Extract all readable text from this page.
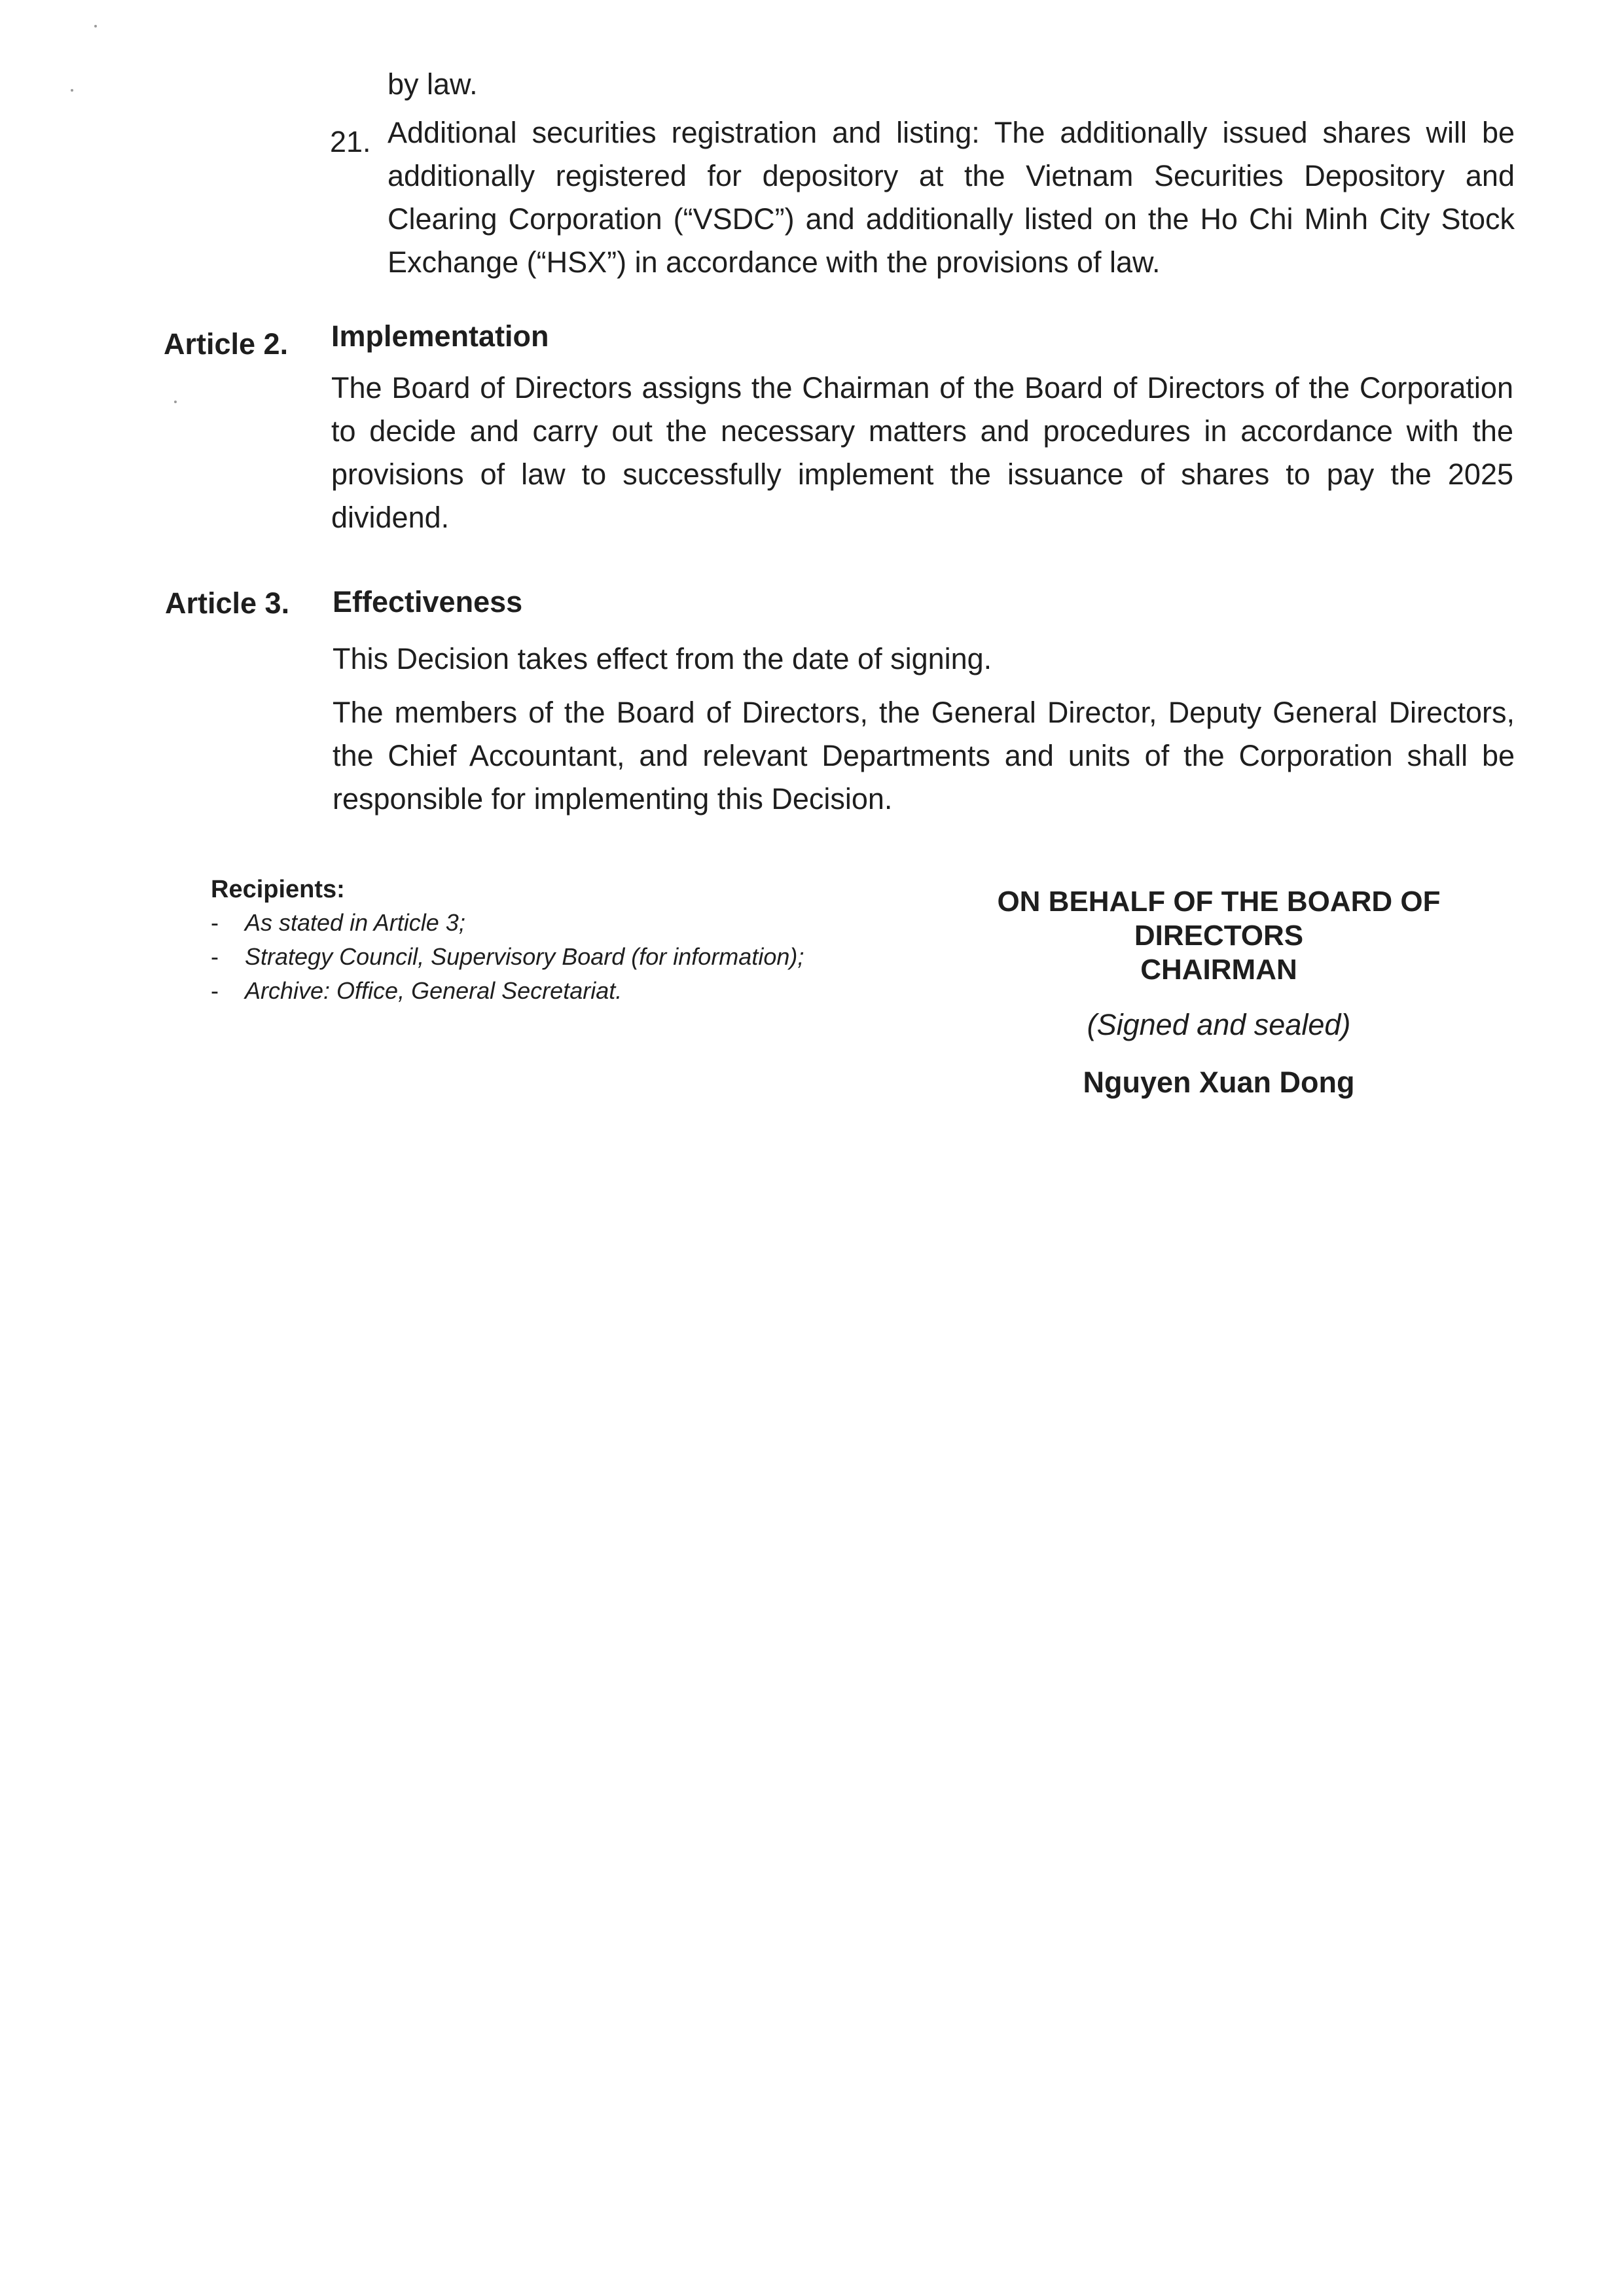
by law.
21. Additional securities registration and listing: The additionally issued shares will be additionally registered for depository at the Vietnam Securities Depository and Clearing Corporation (“VSDC”) and additionally listed on the Ho Chi Minh City Stock Exchange (“HSX”) in accordance with the provisions of law.
Article 2. Implementation
The Board of Directors assigns the Chairman of the Board of Directors of the Corporation to decide and carry out the necessary matters and procedures in accordance with the provisions of law to successfully implement the issuance of shares to pay the 2025 dividend.
Article 3. Effectiveness
This Decision takes effect from the date of signing.
The members of the Board of Directors, the General Director, Deputy General Directors, the Chief Accountant, and relevant Departments and units of the Corporation shall be responsible for implementing this Decision.
Recipients:
- As stated in Article 3;
- Strategy Council, Supervisory Board (for information);
- Archive: Office, General Secretariat.
ON BEHALF OF THE BOARD OF
DIRECTORS
CHAIRMAN
(Signed and sealed)
Nguyen Xuan Dong
